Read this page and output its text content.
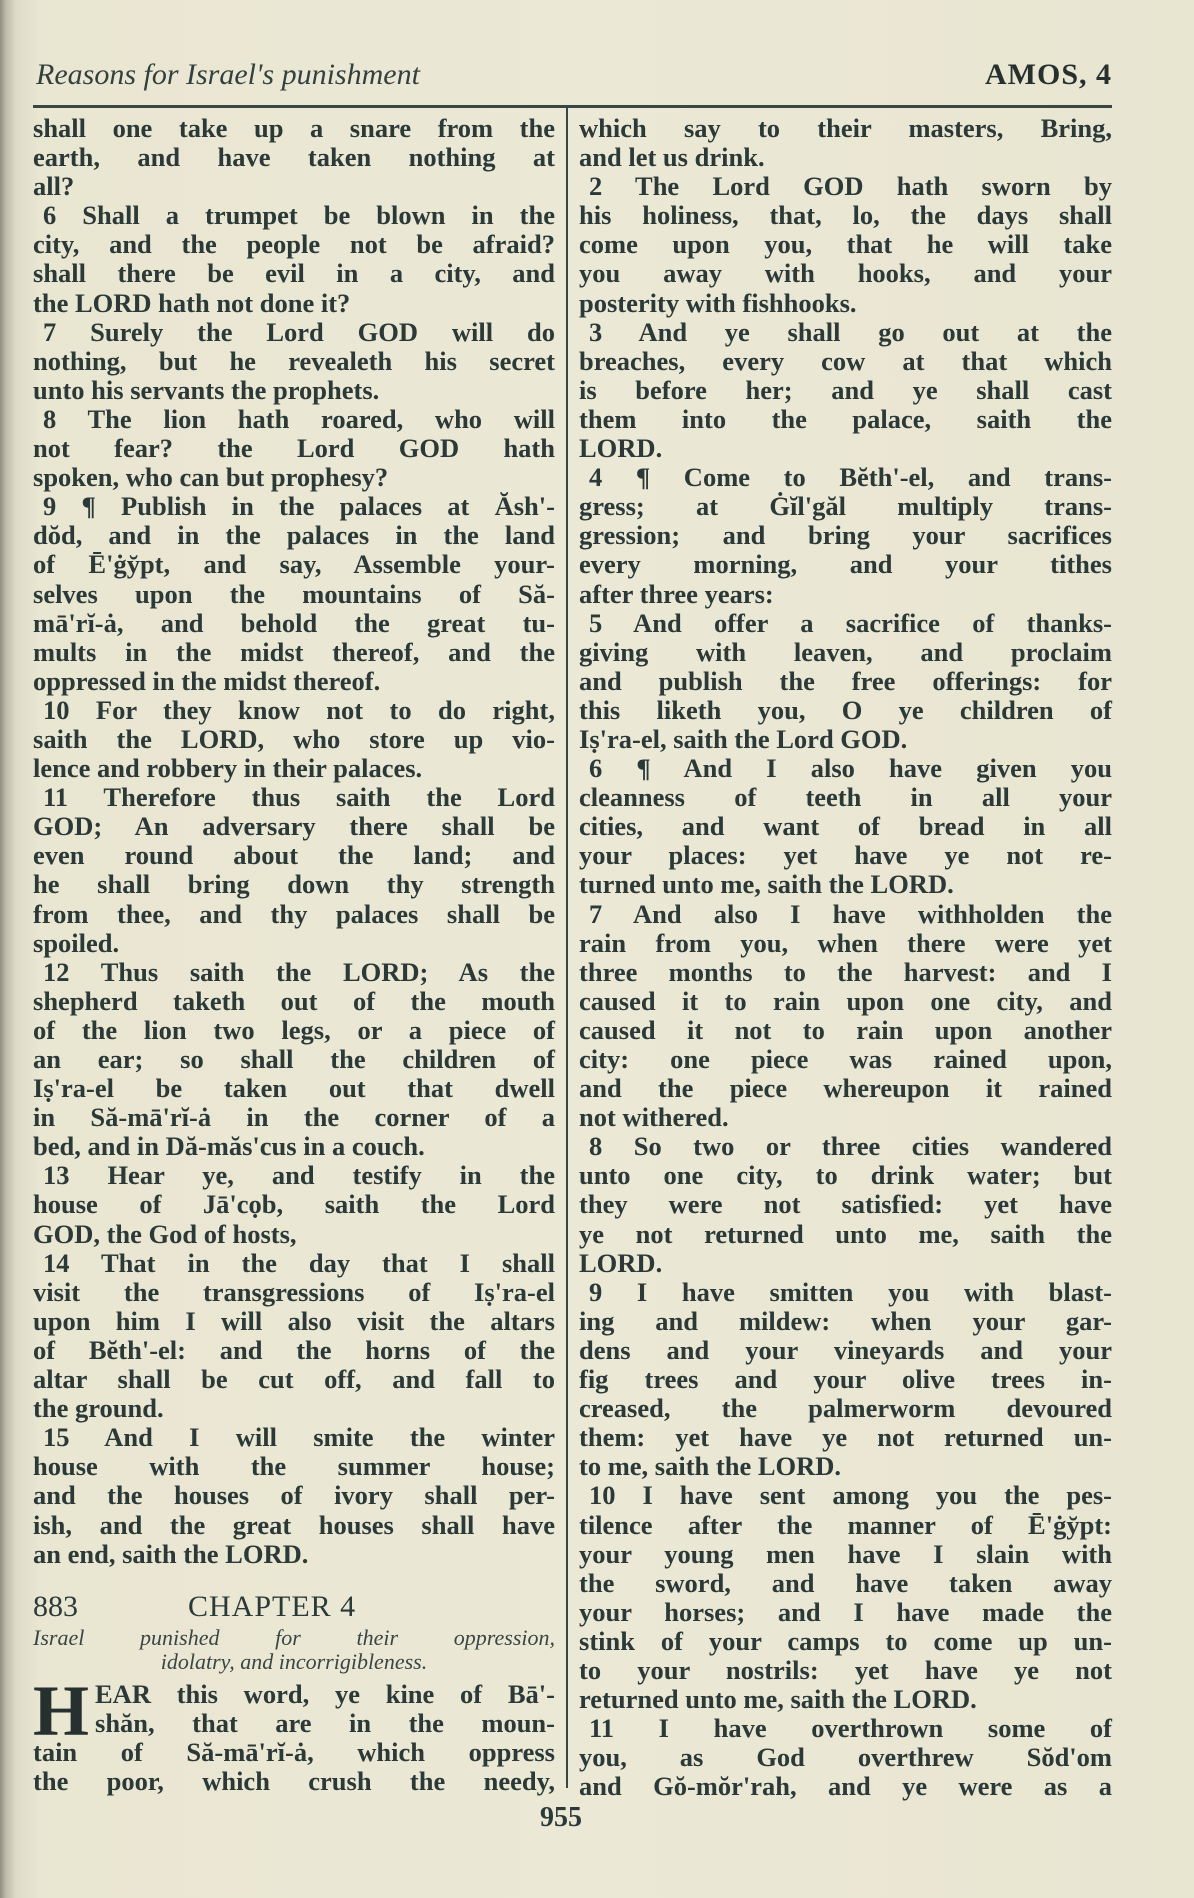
Reasons for Israel's punishment	AMOS, 4
shall one take up a snare from the
earth, and have taken nothing at
all?
6 Shall a trumpet be blown in the
city, and the people not be afraid?
shall there be evil in a city, and
the LORD hath not done it?
7 Surely the Lord GOD will do
nothing, but he revealeth his secret
unto his servants the prophets.
8 The lion hath roared, who will
not fear? the Lord GOD hath
spoken, who can but prophesy?
9 ¶ Publish in the palaces at Ăsh'-
dŏd, and in the palaces in the land
of Ē'ġy̆pt, and say, Assemble your-
selves upon the mountains of Să-
mā'rĭ-ȧ, and behold the great tu-
mults in the midst thereof, and the
oppressed in the midst thereof.
10 For they know not to do right,
saith the LORD, who store up vio-
lence and robbery in their palaces.
11 Therefore thus saith the Lord
GOD; An adversary there shall be
even round about the land; and
he shall bring down thy strength
from thee, and thy palaces shall be
spoiled.
12 Thus saith the LORD; As the
shepherd taketh out of the mouth
of the lion two legs, or a piece of
an ear; so shall the children of
Iṣ'ra-el be taken out that dwell
in Să-mā'rĭ-ȧ in the corner of a
bed, and in Dă-măs'cus in a couch.
13 Hear ye, and testify in the
house of Jā'cọb, saith the Lord
GOD, the God of hosts,
14 That in the day that I shall
visit the transgressions of Iṣ'ra-el
upon him I will also visit the altars
of Bĕth'-el: and the horns of the
altar shall be cut off, and fall to
the ground.
15 And I will smite the winter
house with the summer house;
and the houses of ivory shall per-
ish, and the great houses shall have
an end, saith the LORD.
883	CHAPTER 4
Israel punished for their oppression,
idolatry, and incorrigibleness.
H EAR this word, ye kine of Bā'-
shăn, that are in the moun-
tain of Să-mā'rĭ-ȧ, which oppress
the poor, which crush the needy,
which say to their masters, Bring,
and let us drink.
2 The Lord GOD hath sworn by
his holiness, that, lo, the days shall
come upon you, that he will take
you away with hooks, and your
posterity with fishhooks.
3 And ye shall go out at the
breaches, every cow at that which
is before her; and ye shall cast
them into the palace, saith the
LORD.
4 ¶ Come to Bĕth'-el, and trans-
gress; at Ġĭl'găl multiply trans-
gression; and bring your sacrifices
every morning, and your tithes
after three years:
5 And offer a sacrifice of thanks-
giving with leaven, and proclaim
and publish the free offerings: for
this liketh you, O ye children of
Iṣ'ra-el, saith the Lord GOD.
6 ¶ And I also have given you
cleanness of teeth in all your
cities, and want of bread in all
your places: yet have ye not re-
turned unto me, saith the LORD.
7 And also I have withholden the
rain from you, when there were yet
three months to the harvest: and I
caused it to rain upon one city, and
caused it not to rain upon another
city: one piece was rained upon,
and the piece whereupon it rained
not withered.
8 So two or three cities wandered
unto one city, to drink water; but
they were not satisfied: yet have
ye not returned unto me, saith the
LORD.
9 I have smitten you with blast-
ing and mildew: when your gar-
dens and your vineyards and your
fig trees and your olive trees in-
creased, the palmerworm devoured
them: yet have ye not returned un-
to me, saith the LORD.
10 I have sent among you the pes-
tilence after the manner of Ē'ġy̆pt:
your young men have I slain with
the sword, and have taken away
your horses; and I have made the
stink of your camps to come up un-
to your nostrils: yet have ye not
returned unto me, saith the LORD.
11 I have overthrown some of
you, as God overthrew Sŏd'om
and Gŏ-mŏr'rah, and ye were as a
955
